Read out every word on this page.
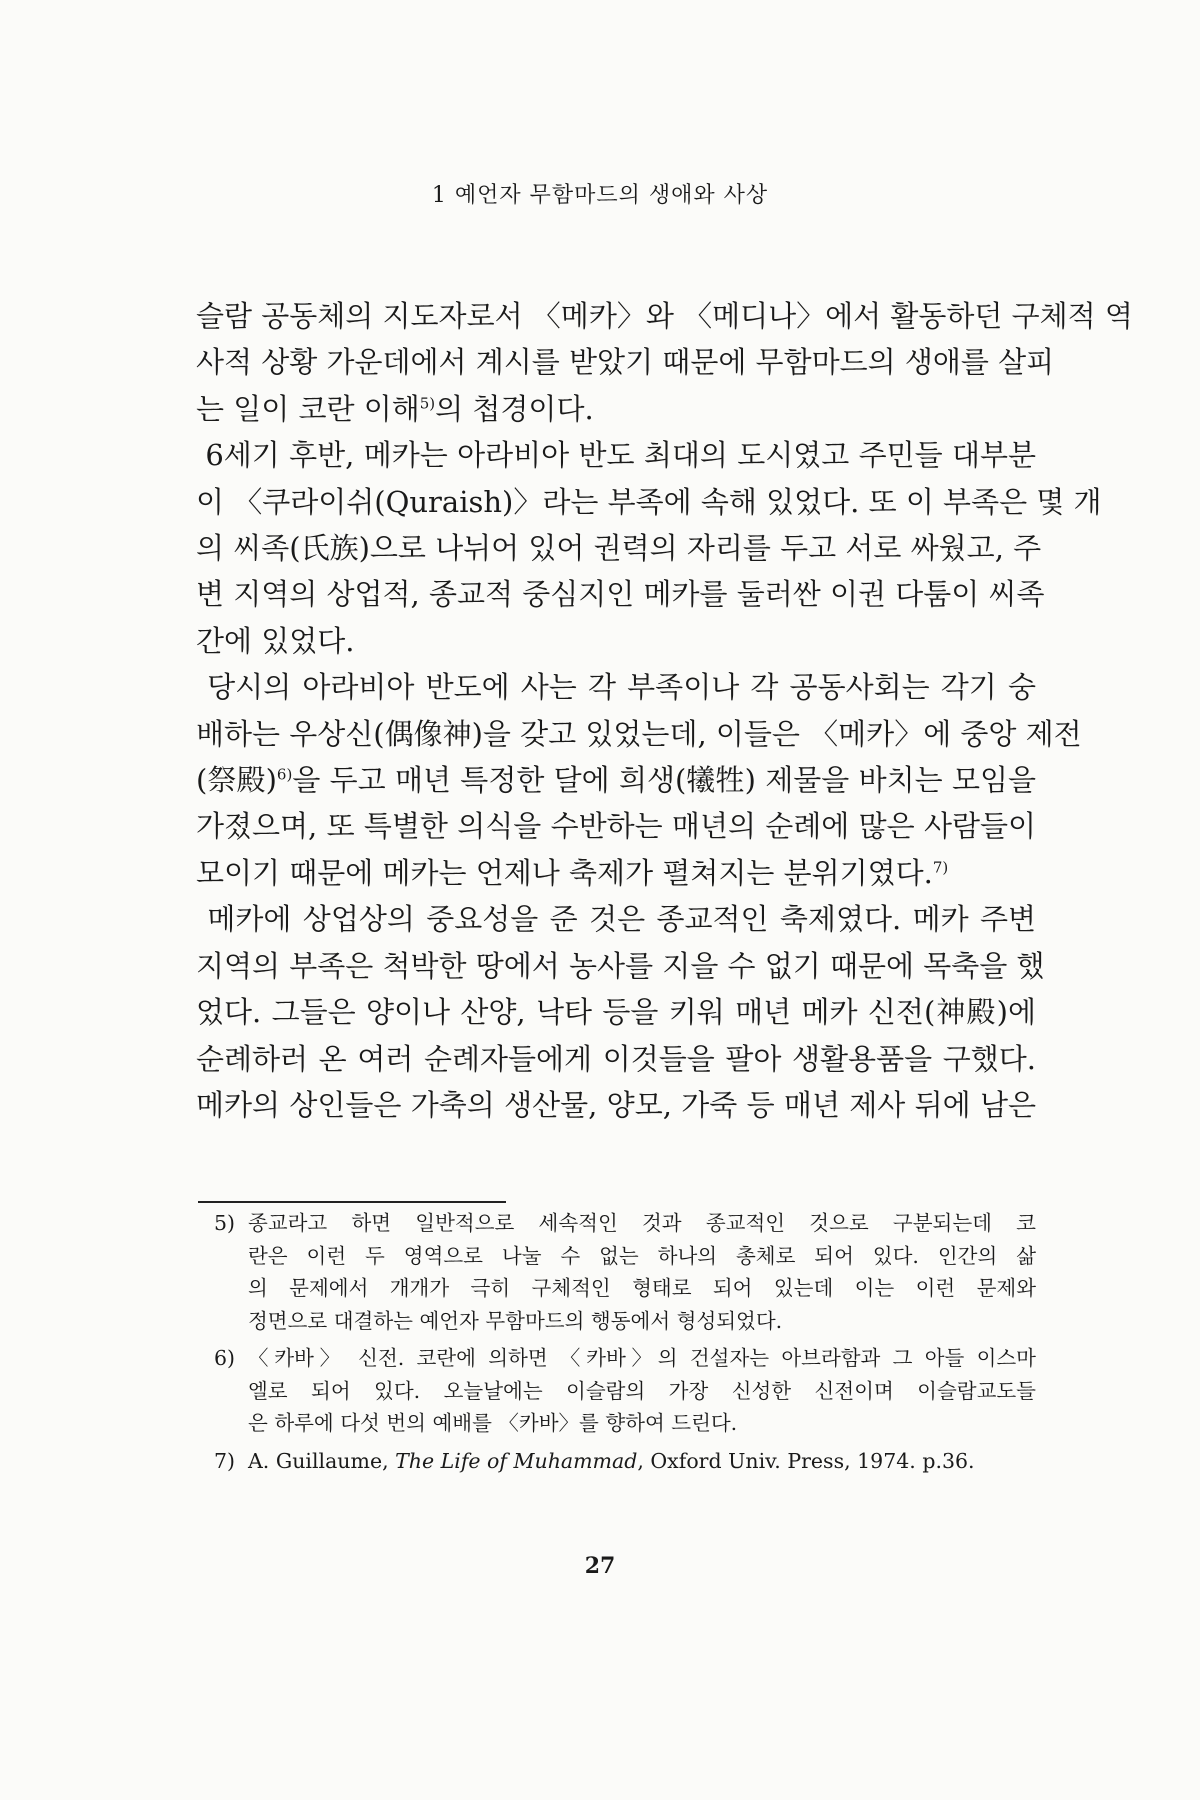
1 예언자 무함마드의 생애와 사상

슬람 공동체의 지도자로서 〈메카〉와 〈메디나〉에서 활동하던 구체적 역
사적 상황 가운데에서 계시를 받았기 때문에 무함마드의 생애를 살피
는 일이 코란 이해$^{5)}$의 첩경이다.

6세기 후반, 메카는 아라비아 반도 최대의 도시였고 주민들 대부분
이 〈쿠라이쉬(Quraish)〉라는 부족에 속해 있었다. 또 이 부족은 몇 개
의 씨족(氏族)으로 나뉘어 있어 권력의 자리를 두고 서로 싸웠고, 주
변 지역의 상업적, 종교적 중심지인 메카를 둘러싼 이권 다툼이 씨족
간에 있었다.

당시의 아라비아 반도에 사는 각 부족이나 각 공동사회는 각기 숭
배하는 우상신(偶像神)을 갖고 있었는데, 이들은 〈메카〉에 중앙 제전
(祭殿)$^{6)}$을 두고 매년 특정한 달에 희생(犧牲) 제물을 바치는 모임을
가졌으며, 또 특별한 의식을 수반하는 매년의 순례에 많은 사람들이
모이기 때문에 메카는 언제나 축제가 펼쳐지는 분위기였다.$^{7)}$

메카에 상업상의 중요성을 준 것은 종교적인 축제였다. 메카 주변
지역의 부족은 척박한 땅에서 농사를 지을 수 없기 때문에 목축을 했
었다. 그들은 양이나 산양, 낙타 등을 키워 매년 메카 신전(神殿)에
순례하러 온 여러 순례자들에게 이것들을 팔아 생활용품을 구했다.
메카의 상인들은 가축의 생산물, 양모, 가죽 등 매년 제사 뒤에 남은

5) 종교라고 하면 일반적으로 세속적인 것과 종교적인 것으로 구분되는데 코
란은 이런 두 영역으로 나눌 수 없는 하나의 총체로 되어 있다. 인간의 삶
의 문제에서 개개가 극히 구체적인 형태로 되어 있는데 이는 이런 문제와
정면으로 대결하는 예언자 무함마드의 행동에서 형성되었다.
6) 〈카바〉 신전. 코란에 의하면 〈카바〉의 건설자는 아브라함과 그 아들 이스마
엘로 되어 있다. 오늘날에는 이슬람의 가장 신성한 신전이며 이슬람교도들
은 하루에 다섯 번의 예배를 〈카바〉를 향하여 드린다.
7) A. Guillaume, The Life of Muhammad, Oxford Univ. Press, 1974. p.36.
27
